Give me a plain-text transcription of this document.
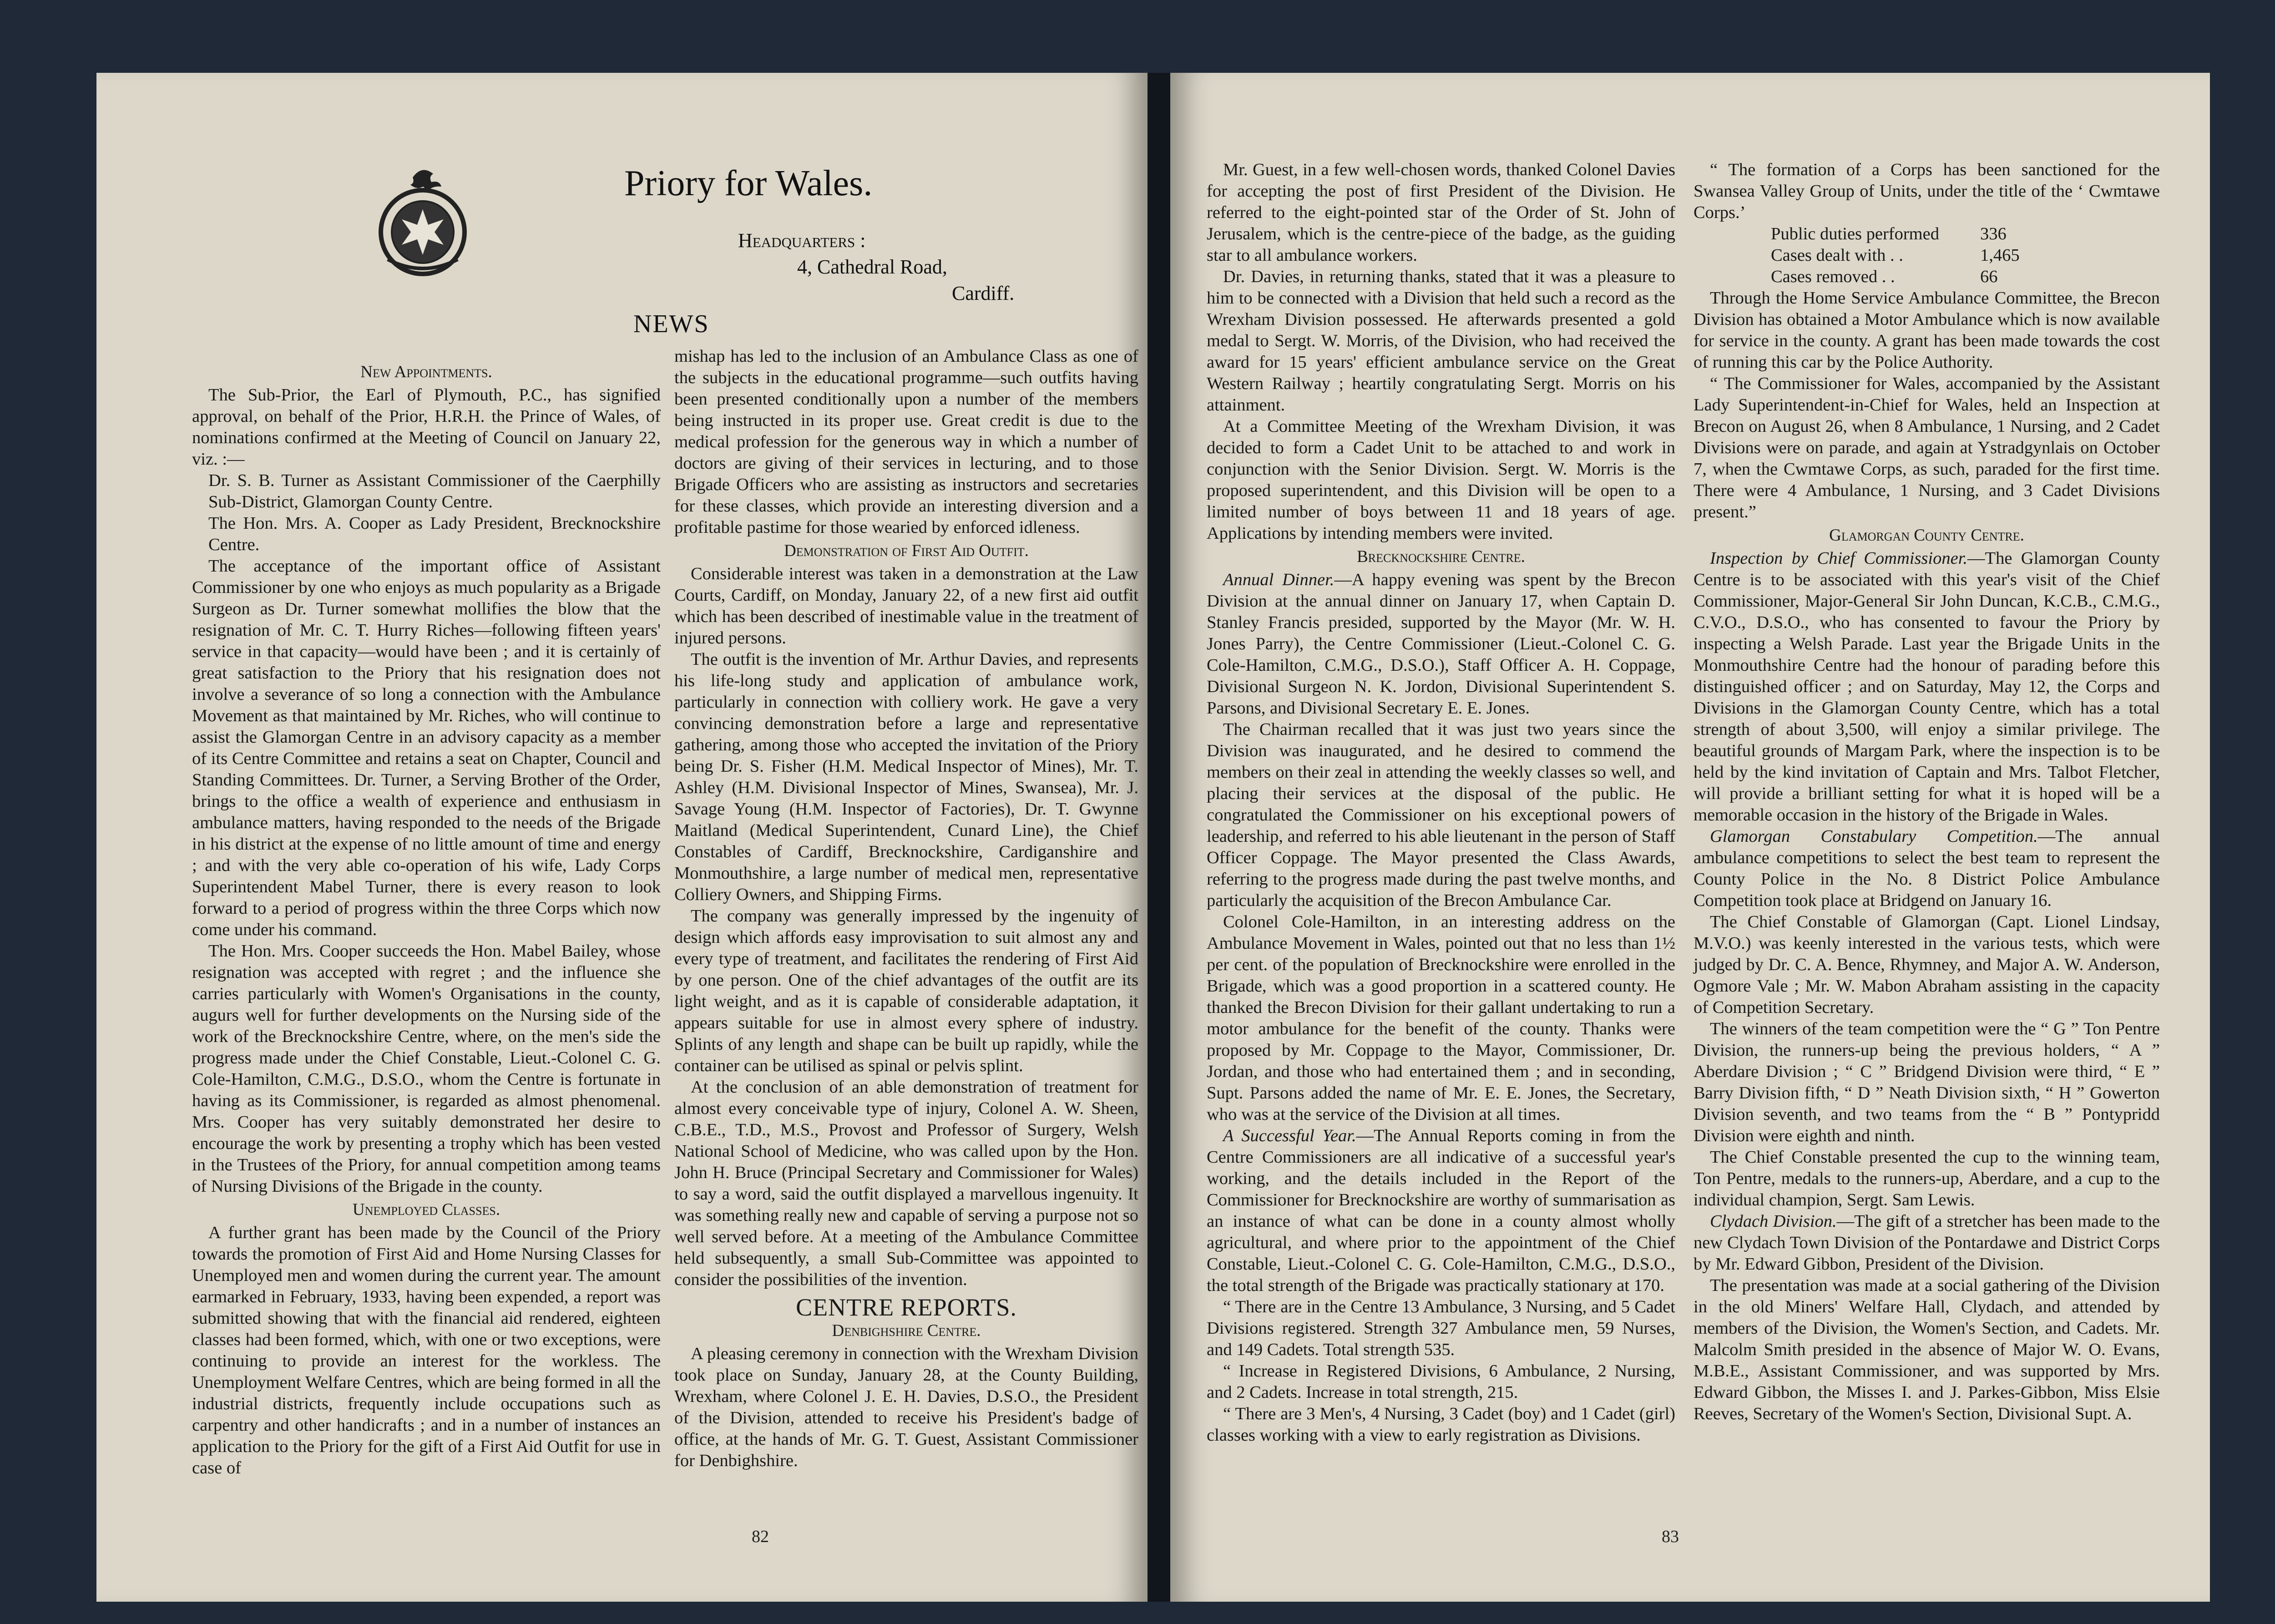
Priory for Wales.
Headquarters :
4, Cathedral Road,
Cardiff.
NEWS
New Appointments.

The Sub-Prior, the Earl of Plymouth, P.C., has signified approval, on behalf of the Prior, H.R.H. the Prince of Wales, of nominations confirmed at the Meeting of Council on January 22, viz. :—

Dr. S. B. Turner as Assistant Commissioner of the Caerphilly Sub-District, Glamorgan County Centre.

The Hon. Mrs. A. Cooper as Lady President, Brecknockshire Centre.

The acceptance of the important office of Assistant Commissioner by one who enjoys as much popularity as a Brigade Surgeon as Dr. Turner somewhat mollifies the blow that the resignation of Mr. C. T. Hurry Riches—following fifteen years' service in that capacity—would have been ; and it is certainly of great satisfaction to the Priory that his resignation does not involve a severance of so long a connection with the Ambulance Movement as that maintained by Mr. Riches, who will continue to assist the Glamorgan Centre in an advisory capacity as a member of its Centre Committee and retains a seat on Chapter, Council and Standing Committees. Dr. Turner, a Serving Brother of the Order, brings to the office a wealth of experience and enthusiasm in ambulance matters, having responded to the needs of the Brigade in his district at the expense of no little amount of time and energy ; and with the very able co-operation of his wife, Lady Corps Superintendent Mabel Turner, there is every reason to look forward to a period of progress within the three Corps which now come under his command.

The Hon. Mrs. Cooper succeeds the Hon. Mabel Bailey, whose resignation was accepted with regret ; and the influence she carries particularly with Women's Organisations in the county, augurs well for further developments on the Nursing side of the work of the Brecknockshire Centre, where, on the men's side the progress made under the Chief Constable, Lieut.-Colonel C. G. Cole-Hamilton, C.M.G., D.S.O., whom the Centre is fortunate in having as its Commissioner, is regarded as almost phenomenal. Mrs. Cooper has very suitably demonstrated her desire to encourage the work by presenting a trophy which has been vested in the Trustees of the Priory, for annual competition among teams of Nursing Divisions of the Brigade in the county.

Unemployed Classes.

A further grant has been made by the Council of the Priory towards the promotion of First Aid and Home Nursing Classes for Unemployed men and women during the current year. The amount earmarked in February, 1933, having been expended, a report was submitted showing that with the financial aid rendered, eighteen classes had been formed, which, with one or two exceptions, were continuing to provide an interest for the workless. The Unemployment Welfare Centres, which are being formed in all the industrial districts, frequently include occupations such as carpentry and other handicrafts ; and in a number of instances an application to the Priory for the gift of a First Aid Outfit for use in case of

mishap has led to the inclusion of an Ambulance Class as one of the subjects in the educational programme—such outfits having been presented conditionally upon a number of the members being instructed in its proper use. Great credit is due to the medical profession for the generous way in which a number of doctors are giving of their services in lecturing, and to those Brigade Officers who are assisting as instructors and secretaries for these classes, which provide an interesting diversion and a profitable pastime for those wearied by enforced idleness.

Demonstration of First Aid Outfit.

Considerable interest was taken in a demonstration at the Law Courts, Cardiff, on Monday, January 22, of a new first aid outfit which has been described of inestimable value in the treatment of injured persons.

The outfit is the invention of Mr. Arthur Davies, and represents his life-long study and application of ambulance work, particularly in connection with colliery work. He gave a very convincing demonstration before a large and representative gathering, among those who accepted the invitation of the Priory being Dr. S. Fisher (H.M. Medical Inspector of Mines), Mr. T. Ashley (H.M. Divisional Inspector of Mines, Swansea), Mr. J. Savage Young (H.M. Inspector of Factories), Dr. T. Gwynne Maitland (Medical Superintendent, Cunard Line), the Chief Constables of Cardiff, Brecknockshire, Cardiganshire and Monmouthshire, a large number of medical men, representative Colliery Owners, and Shipping Firms.

The company was generally impressed by the ingenuity of design which affords easy improvisation to suit almost any and every type of treatment, and facilitates the rendering of First Aid by one person. One of the chief advantages of the outfit are its light weight, and as it is capable of considerable adaptation, it appears suitable for use in almost every sphere of industry. Splints of any length and shape can be built up rapidly, while the container can be utilised as spinal or pelvis splint.

At the conclusion of an able demonstration of treatment for almost every conceivable type of injury, Colonel A. W. Sheen, C.B.E., T.D., M.S., Provost and Professor of Surgery, Welsh National School of Medicine, who was called upon by the Hon. John H. Bruce (Principal Secretary and Commissioner for Wales) to say a word, said the outfit displayed a marvellous ingenuity. It was something really new and capable of serving a purpose not so well served before. At a meeting of the Ambulance Committee held subsequently, a small Sub-Committee was appointed to consider the possibilities of the invention.

CENTRE REPORTS.
Denbighshire Centre.

A pleasing ceremony in connection with the Wrexham Division took place on Sunday, January 28, at the County Building, Wrexham, where Colonel J. E. H. Davies, D.S.O., the President of the Division, attended to receive his President's badge of office, at the hands of Mr. G. T. Guest, Assistant Commissioner for Denbighshire.

82

Mr. Guest, in a few well-chosen words, thanked Colonel Davies for accepting the post of first President of the Division. He referred to the eight-pointed star of the Order of St. John of Jerusalem, which is the centre-piece of the badge, as the guiding star to all ambulance workers.

Dr. Davies, in returning thanks, stated that it was a pleasure to him to be connected with a Division that held such a record as the Wrexham Division possessed. He afterwards presented a gold medal to Sergt. W. Morris, of the Division, who had received the award for 15 years' efficient ambulance service on the Great Western Railway ; heartily congratulating Sergt. Morris on his attainment.

At a Committee Meeting of the Wrexham Division, it was decided to form a Cadet Unit to be attached to and work in conjunction with the Senior Division. Sergt. W. Morris is the proposed superintendent, and this Division will be open to a limited number of boys between 11 and 18 years of age. Applications by intending members were invited.

Brecknockshire Centre.

Annual Dinner.—A happy evening was spent by the Brecon Division at the annual dinner on January 17, when Captain D. Stanley Francis presided, supported by the Mayor (Mr. W. H. Jones Parry), the Centre Commissioner (Lieut.-Colonel C. G. Cole-Hamilton, C.M.G., D.S.O.), Staff Officer A. H. Coppage, Divisional Surgeon N. K. Jordon, Divisional Superintendent S. Parsons, and Divisional Secretary E. E. Jones.

The Chairman recalled that it was just two years since the Division was inaugurated, and he desired to commend the members on their zeal in attending the weekly classes so well, and placing their services at the disposal of the public. He congratulated the Commissioner on his exceptional powers of leadership, and referred to his able lieutenant in the person of Staff Officer Coppage. The Mayor presented the Class Awards, referring to the progress made during the past twelve months, and particularly the acquisition of the Brecon Ambulance Car.

Colonel Cole-Hamilton, in an interesting address on the Ambulance Movement in Wales, pointed out that no less than 1½ per cent. of the population of Brecknockshire were enrolled in the Brigade, which was a good proportion in a scattered county. He thanked the Brecon Division for their gallant undertaking to run a motor ambulance for the benefit of the county. Thanks were proposed by Mr. Coppage to the Mayor, Commissioner, Dr. Jordan, and those who had entertained them ; and in seconding, Supt. Parsons added the name of Mr. E. E. Jones, the Secretary, who was at the service of the Division at all times.

A Successful Year.—The Annual Reports coming in from the Centre Commissioners are all indicative of a successful year's working, and the details included in the Report of the Commissioner for Brecknockshire are worthy of summarisation as an instance of what can be done in a county almost wholly agricultural, and where prior to the appointment of the Chief Constable, Lieut.-Colonel C. G. Cole-Hamilton, C.M.G., D.S.O., the total strength of the Brigade was practically stationary at 170.

“ There are in the Centre 13 Ambulance, 3 Nursing, and 5 Cadet Divisions registered. Strength 327 Ambulance men, 59 Nurses, and 149 Cadets. Total strength 535.

“ Increase in Registered Divisions, 6 Ambulance, 2 Nursing, and 2 Cadets. Increase in total strength, 215.

“ There are 3 Men's, 4 Nursing, 3 Cadet (boy) and 1 Cadet (girl) classes working with a view to early registration as Divisions.

“ The formation of a Corps has been sanctioned for the Swansea Valley Group of Units, under the title of the ‘ Cwmtawe Corps.’

Public duties performed	336
Cases dealt with . .	1,465
Cases removed . .	66

Through the Home Service Ambulance Committee, the Brecon Division has obtained a Motor Ambulance which is now available for service in the county. A grant has been made towards the cost of running this car by the Police Authority.

“ The Commissioner for Wales, accompanied by the Assistant Lady Superintendent-in-Chief for Wales, held an Inspection at Brecon on August 26, when 8 Ambulance, 1 Nursing, and 2 Cadet Divisions were on parade, and again at Ystradgynlais on October 7, when the Cwmtawe Corps, as such, paraded for the first time. There were 4 Ambulance, 1 Nursing, and 3 Cadet Divisions present.”

Glamorgan County Centre.

Inspection by Chief Commissioner.—The Glamorgan County Centre is to be associated with this year's visit of the Chief Commissioner, Major-General Sir John Duncan, K.C.B., C.M.G., C.V.O., D.S.O., who has consented to favour the Priory by inspecting a Welsh Parade. Last year the Brigade Units in the Monmouthshire Centre had the honour of parading before this distinguished officer ; and on Saturday, May 12, the Corps and Divisions in the Glamorgan County Centre, which has a total strength of about 3,500, will enjoy a similar privilege. The beautiful grounds of Margam Park, where the inspection is to be held by the kind invitation of Captain and Mrs. Talbot Fletcher, will provide a brilliant setting for what it is hoped will be a memorable occasion in the history of the Brigade in Wales.

Glamorgan Constabulary Competition.—The annual ambulance competitions to select the best team to represent the County Police in the No. 8 District Police Ambulance Competition took place at Bridgend on January 16.

The Chief Constable of Glamorgan (Capt. Lionel Lindsay, M.V.O.) was keenly interested in the various tests, which were judged by Dr. C. A. Bence, Rhymney, and Major A. W. Anderson, Ogmore Vale ; Mr. W. Mabon Abraham assisting in the capacity of Competition Secretary.

The winners of the team competition were the “ G ” Ton Pentre Division, the runners-up being the previous holders, “ A ” Aberdare Division ; “ C ” Bridgend Division were third, “ E ” Barry Division fifth, “ D ” Neath Division sixth, “ H ” Gowerton Division seventh, and two teams from the “ B ” Pontypridd Division were eighth and ninth.

The Chief Constable presented the cup to the winning team, Ton Pentre, medals to the runners-up, Aberdare, and a cup to the individual champion, Sergt. Sam Lewis.

Clydach Division.—The gift of a stretcher has been made to the new Clydach Town Division of the Pontardawe and District Corps by Mr. Edward Gibbon, President of the Division.

The presentation was made at a social gathering of the Division in the old Miners' Welfare Hall, Clydach, and attended by members of the Division, the Women's Section, and Cadets. Mr. Malcolm Smith presided in the absence of Major W. O. Evans, M.B.E., Assistant Commissioner, and was supported by Mrs. Edward Gibbon, the Misses I. and J. Parkes-Gibbon, Miss Elsie Reeves, Secretary of the Women's Section, Divisional Supt. A.

83
